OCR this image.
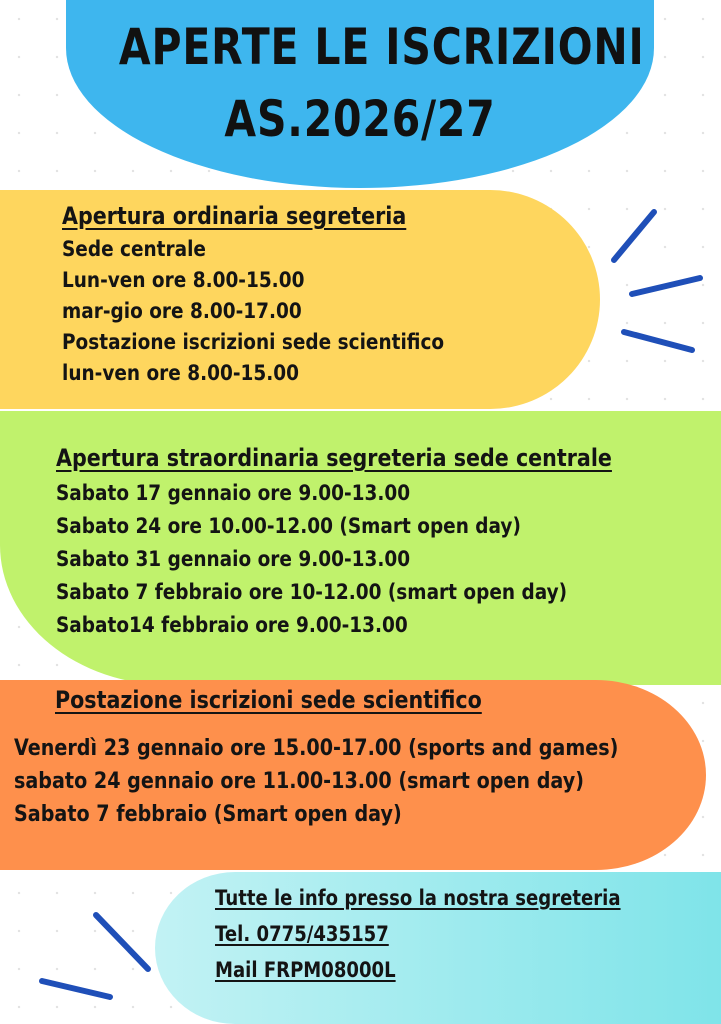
APERTE LE ISCRIZIONI
AS.2026/27
Apertura ordinaria segreteria
Sede centrale
Lun-ven ore 8.00-15.00
mar-gio ore 8.00-17.00
Postazione iscrizioni sede scientifico
lun-ven ore 8.00-15.00
Apertura straordinaria segreteria sede centrale
Sabato 17 gennaio ore 9.00-13.00
Sabato 24 ore 10.00-12.00 (Smart open day)
Sabato 31 gennaio ore 9.00-13.00
Sabato 7 febbraio ore 10-12.00 (smart open day)
Sabato14 febbraio ore 9.00-13.00
Postazione iscrizioni sede scientifico
Venerdì 23 gennaio ore 15.00-17.00 (sports and games)
sabato 24 gennaio ore 11.00-13.00 (smart open day)
Sabato 7 febbraio (Smart open day)
Tutte le info presso la nostra segreteria
Tel. 0775/435157
Mail FRPM08000L
